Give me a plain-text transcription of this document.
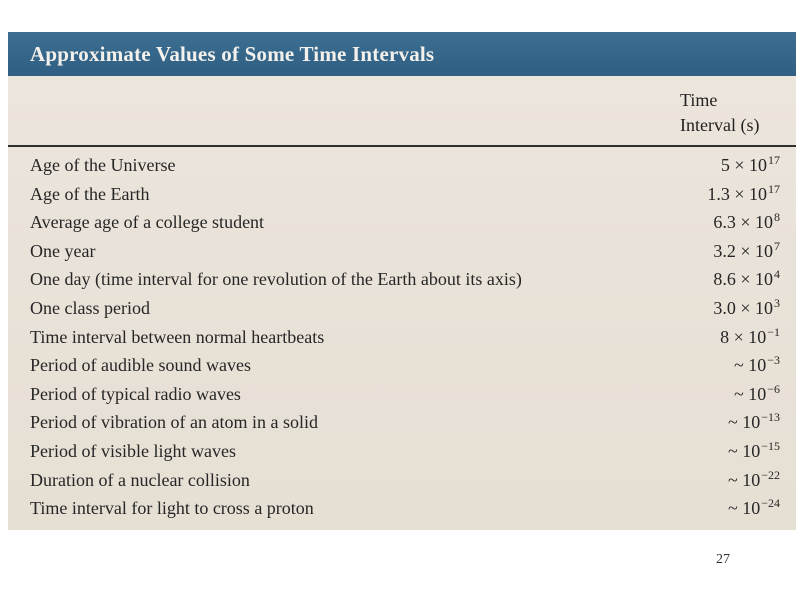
Approximate Values of Some Time Intervals
Time
Interval (s)
Age of the Universe	$5 \times 10^{17}$
Age of the Earth	$1.3 \times 10^{17}$
Average age of a college student	$6.3 \times 10^8$
One year	$3.2 \times 10^7$
One day (time interval for one revolution of the Earth about its axis)	$8.6 \times 10^4$
One class period	$3.0 \times 10^3$
Time interval between normal heartbeats	$8 \times 10^{-1}$
Period of audible sound waves	~ $10^{-3}$
Period of typical radio waves	~ $10^{-6}$
Period of vibration of an atom in a solid	~ $10^{-13}$
Period of visible light waves	~ $10^{-15}$
Duration of a nuclear collision	~ $10^{-22}$
Time interval for light to cross a proton	~ $10^{-24}$
27
